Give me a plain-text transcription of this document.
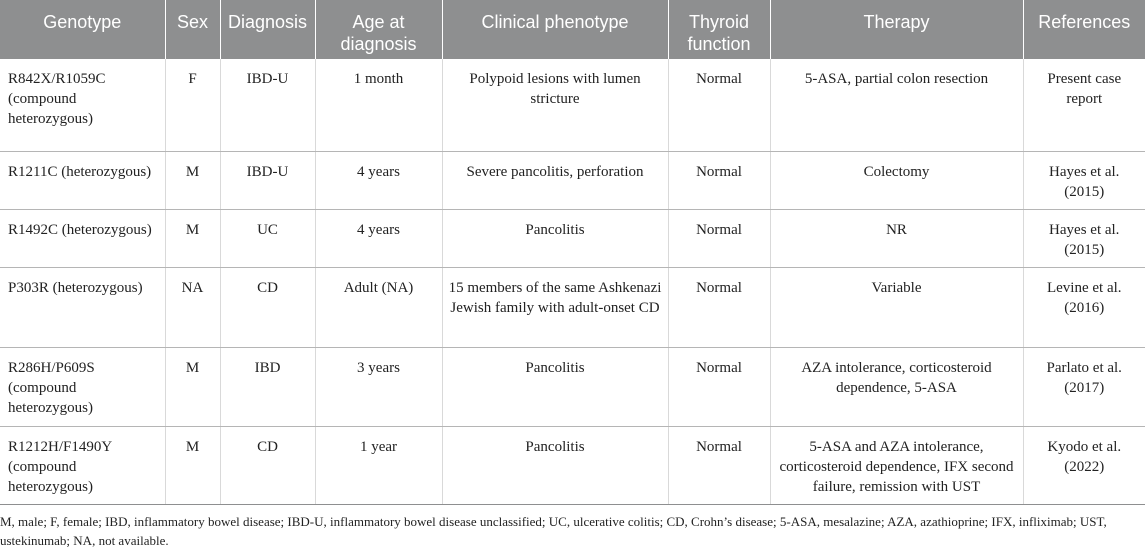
Genotype	Sex	Diagnosis	Age at diagnosis	Clinical phenotype	Thyroid function	Therapy	References
R842X/R1059C (compound heterozygous)	F	IBD-U	1 month	Polypoid lesions with lumen stricture	Normal	5-ASA, partial colon resection	Present case report
R1211C (heterozygous)	M	IBD-U	4 years	Severe pancolitis, perforation	Normal	Colectomy	Hayes et al. (2015)
R1492C (heterozygous)	M	UC	4 years	Pancolitis	Normal	NR	Hayes et al. (2015)
P303R (heterozygous)	NA	CD	Adult (NA)	15 members of the same Ashkenazi Jewish family with adult-onset CD	Normal	Variable	Levine et al. (2016)
R286H/P609S (compound heterozygous)	M	IBD	3 years	Pancolitis	Normal	AZA intolerance, corticosteroid dependence, 5-ASA	Parlato et al. (2017)
R1212H/F1490Y (compound heterozygous)	M	CD	1 year	Pancolitis	Normal	5-ASA and AZA intolerance, corticosteroid dependence, IFX second failure, remission with UST	Kyodo et al. (2022)
M, male; F, female; IBD, inflammatory bowel disease; IBD-U, inflammatory bowel disease unclassified; UC, ulcerative colitis; CD, Crohn’s disease; 5-ASA, mesalazine; AZA, azathioprine; IFX, infliximab; UST, ustekinumab; NA, not available.
